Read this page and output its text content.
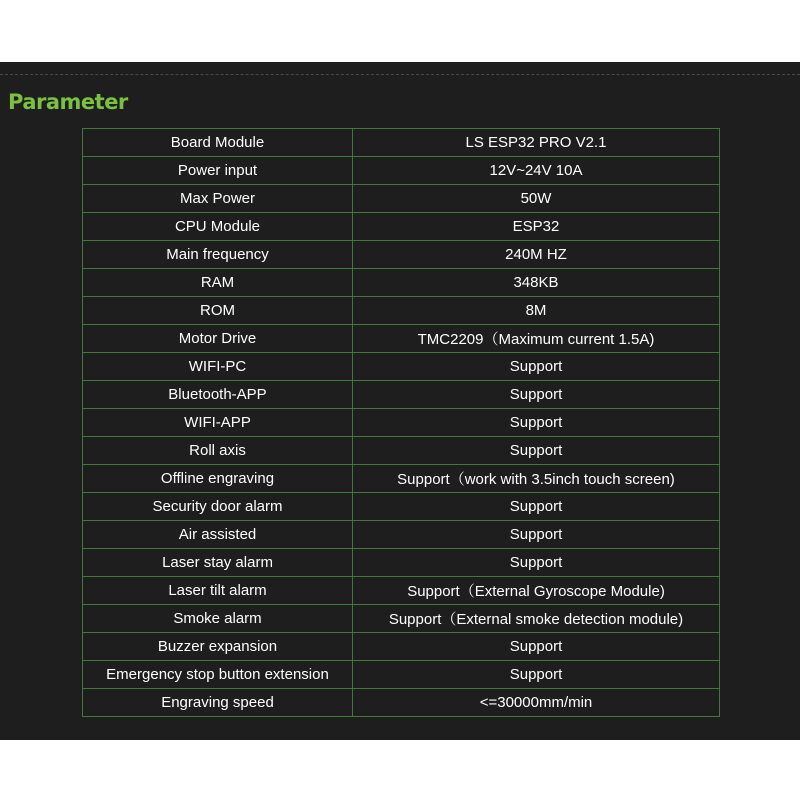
Parameter
Board Module	LS ESP32 PRO V2.1
Power input	12V~24V 10A
Max Power	50W
CPU Module	ESP32
Main frequency	240M HZ
RAM	348KB
ROM	8M
Motor Drive	TMC2209（Maximum current 1.5A)
WIFI-PC	Support
Bluetooth-APP	Support
WIFI-APP	Support
Roll axis	Support
Offline engraving	Support（work with 3.5inch touch screen)
Security door alarm	Support
Air assisted	Support
Laser stay alarm	Support
Laser tilt alarm	Support（External Gyroscope Module)
Smoke alarm	Support（External smoke detection module)
Buzzer expansion	Support
Emergency stop button extension	Support
Engraving speed	<=30000mm/min
